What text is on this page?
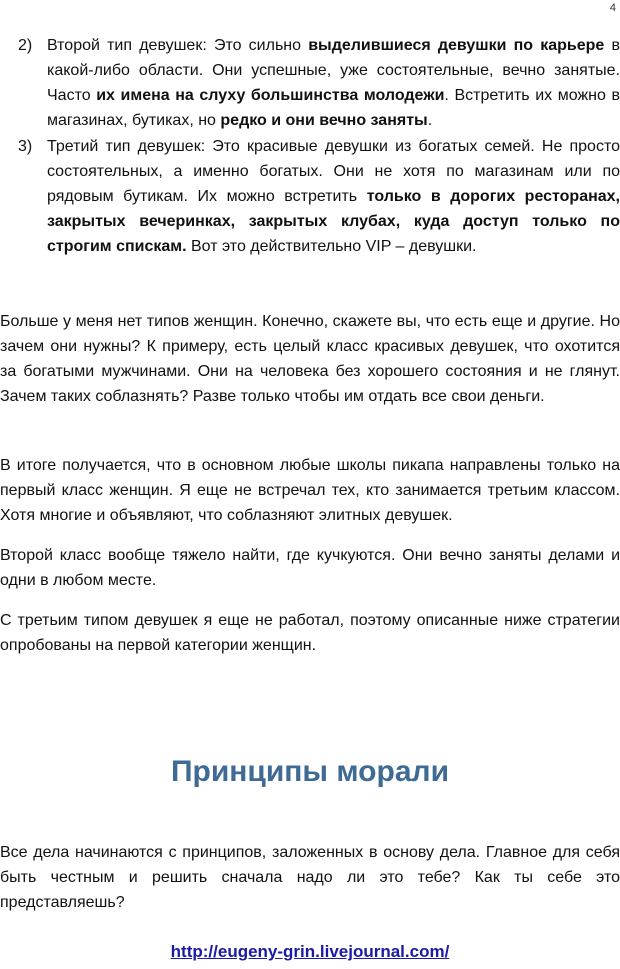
4
2) Второй тип девушек: Это сильно выделившиеся девушки по карьере в какой-либо области. Они успешные, уже состоятельные, вечно занятые. Часто их имена на слуху большинства молодежи. Встретить их можно в магазинах, бутиках, но редко и они вечно заняты.
3) Третий тип девушек: Это красивые девушки из богатых семей. Не просто состоятельных, а именно богатых. Они не хотя по магазинам или по рядовым бутикам. Их можно встретить только в дорогих ресторанах, закрытых вечеринках, закрытых клубах, куда доступ только по строгим спискам. Вот это действительно VIP – девушки.

Больше у меня нет типов женщин. Конечно, скажете вы, что есть еще и другие. Но зачем они нужны? К примеру, есть целый класс красивых девушек, что охотится за богатыми мужчинами. Они на человека без хорошего состояния и не глянут. Зачем таких соблазнять? Разве только чтобы им отдать все свои деньги.

В итоге получается, что в основном любые школы пикапа направлены только на первый класс женщин. Я еще не встречал тех, кто занимается третьим классом. Хотя многие и объявляют, что соблазняют элитных девушек.

Второй класс вообще тяжело найти, где кучкуются. Они вечно заняты делами и одни в любом месте.

С третьим типом девушек я еще не работал, поэтому описанные ниже стратегии опробованы на первой категории женщин.

Принципы морали

Все дела начинаются с принципов, заложенных в основу дела. Главное для себя быть честным и решить сначала надо ли это тебе? Как ты себе это представляешь?

http://eugeny-grin.livejournal.com/
